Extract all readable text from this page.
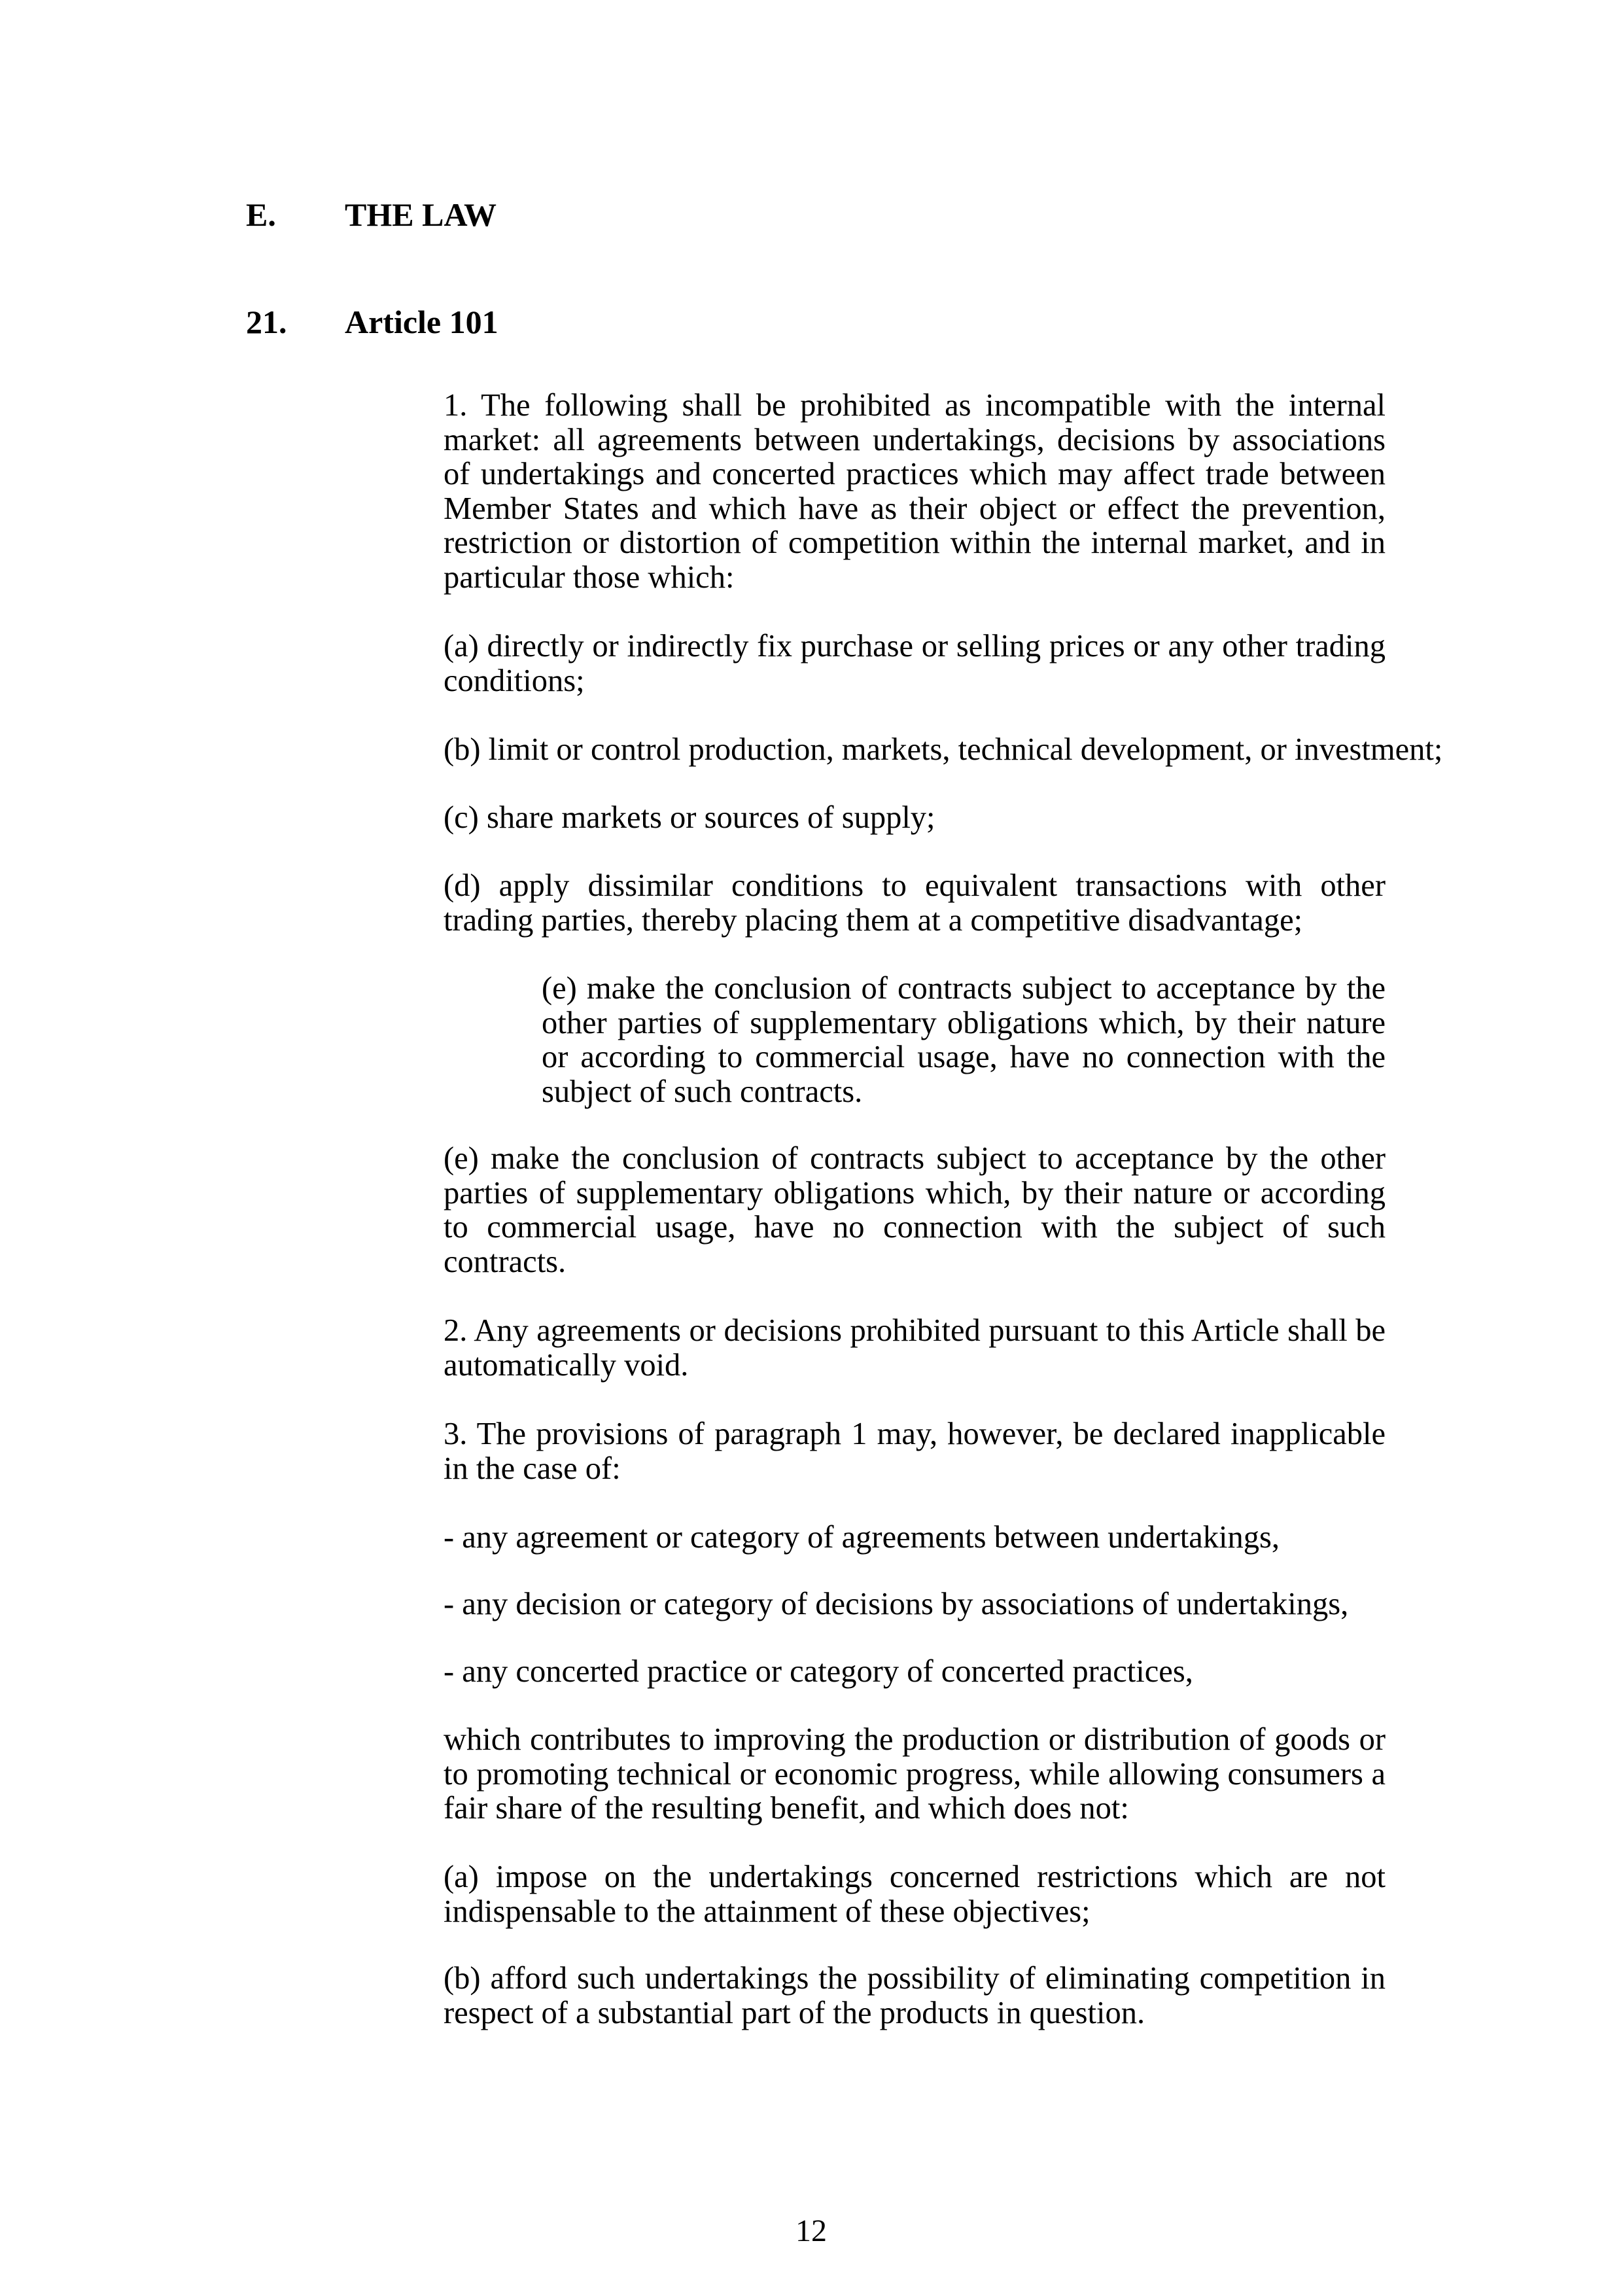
E. THE LAW
21. Article 101

1. The following shall be prohibited as incompatible with the internal market: all agreements between undertakings, decisions by associations of undertakings and concerted practices which may affect trade between Member States and which have as their object or effect the prevention, restriction or distortion of competition within the internal market, and in particular those which:

(a) directly or indirectly fix purchase or selling prices or any other trading conditions;

(b) limit or control production, markets, technical development, or investment;

(c) share markets or sources of supply;

(d) apply dissimilar conditions to equivalent transactions with other trading parties, thereby placing them at a competitive disadvantage;

(e) make the conclusion of contracts subject to acceptance by the other parties of supplementary obligations which, by their nature or according to commercial usage, have no connection with the subject of such contracts.

(e) make the conclusion of contracts subject to acceptance by the other parties of supplementary obligations which, by their nature or according to commercial usage, have no connection with the subject of such contracts.

2. Any agreements or decisions prohibited pursuant to this Article shall be automatically void.

3. The provisions of paragraph 1 may, however, be declared inapplicable in the case of:

- any agreement or category of agreements between undertakings,

- any decision or category of decisions by associations of undertakings,

- any concerted practice or category of concerted practices,

which contributes to improving the production or distribution of goods or to promoting technical or economic progress, while allowing consumers a fair share of the resulting benefit, and which does not:

(a) impose on the undertakings concerned restrictions which are not indispensable to the attainment of these objectives;

(b) afford such undertakings the possibility of eliminating competition in respect of a substantial part of the products in question.

12
